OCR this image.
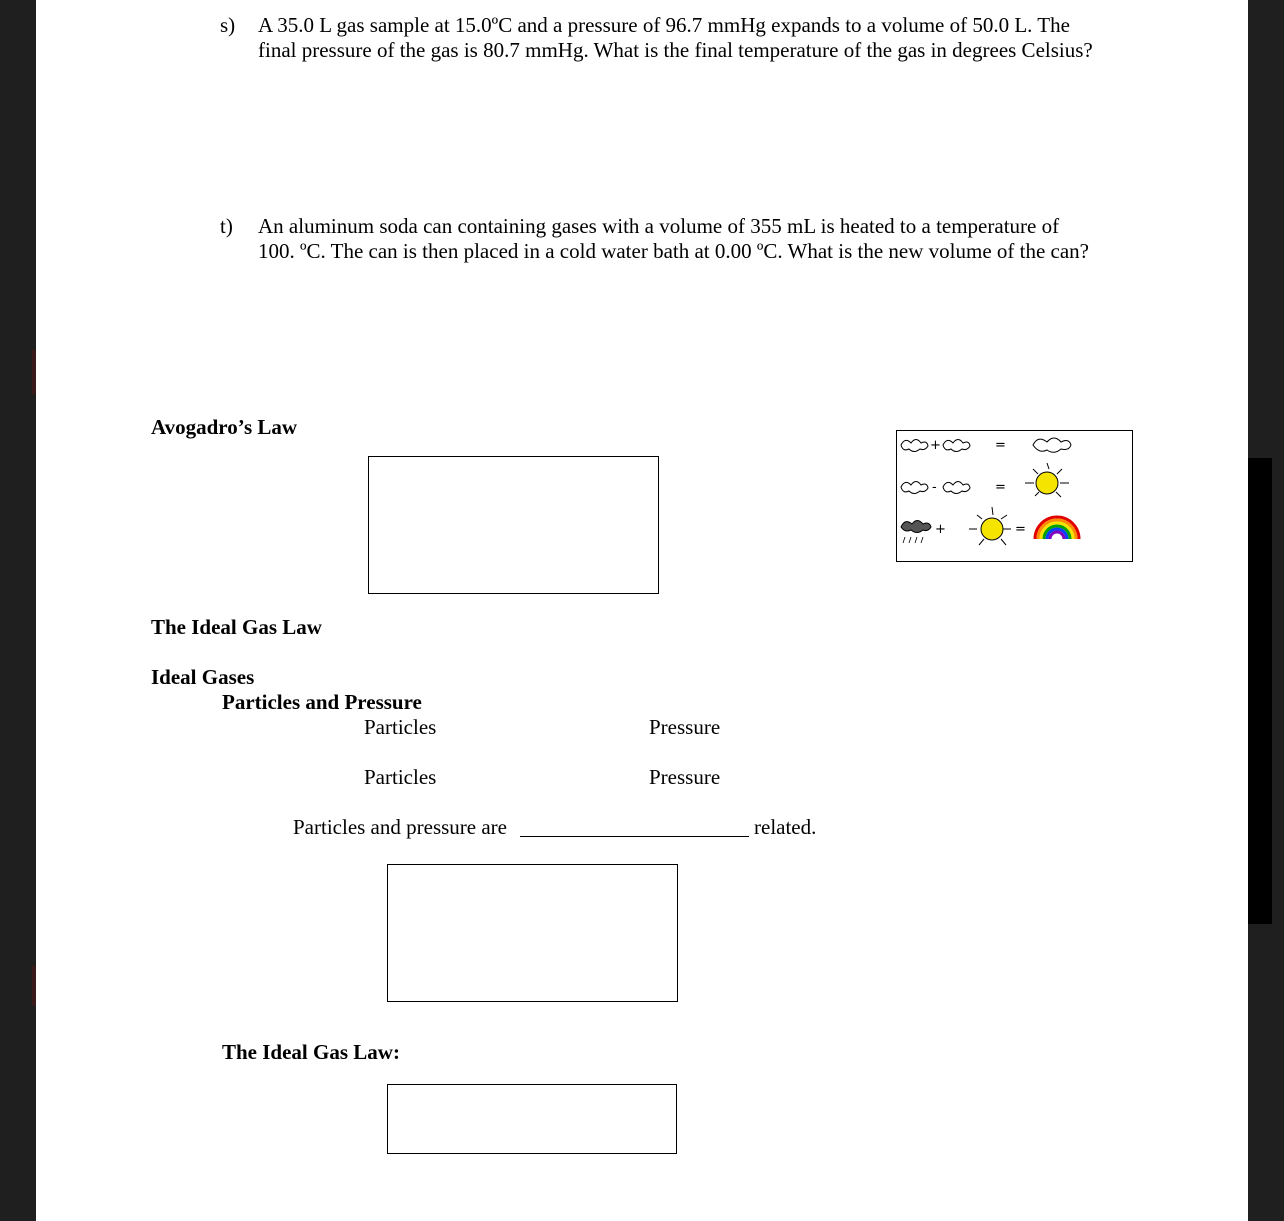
s) A 35.0 L gas sample at 15.0ºC and a pressure of 96.7 mmHg expands to a volume of 50.0 L. The
final pressure of the gas is 80.7 mmHg. What is the final temperature of the gas in degrees Celsius?
t) An aluminum soda can containing gases with a volume of 355 mL is heated to a temperature of
100. ºC. The can is then placed in a cold water bath at 0.00 ºC. What is the new volume of the can?
Avogadro’s Law
+	=
-	=
+	=
The Ideal Gas Law
Ideal Gases
Particles and Pressure
Particles	Pressure
Particles	Pressure
Particles and pressure are	related.
The Ideal Gas Law:
